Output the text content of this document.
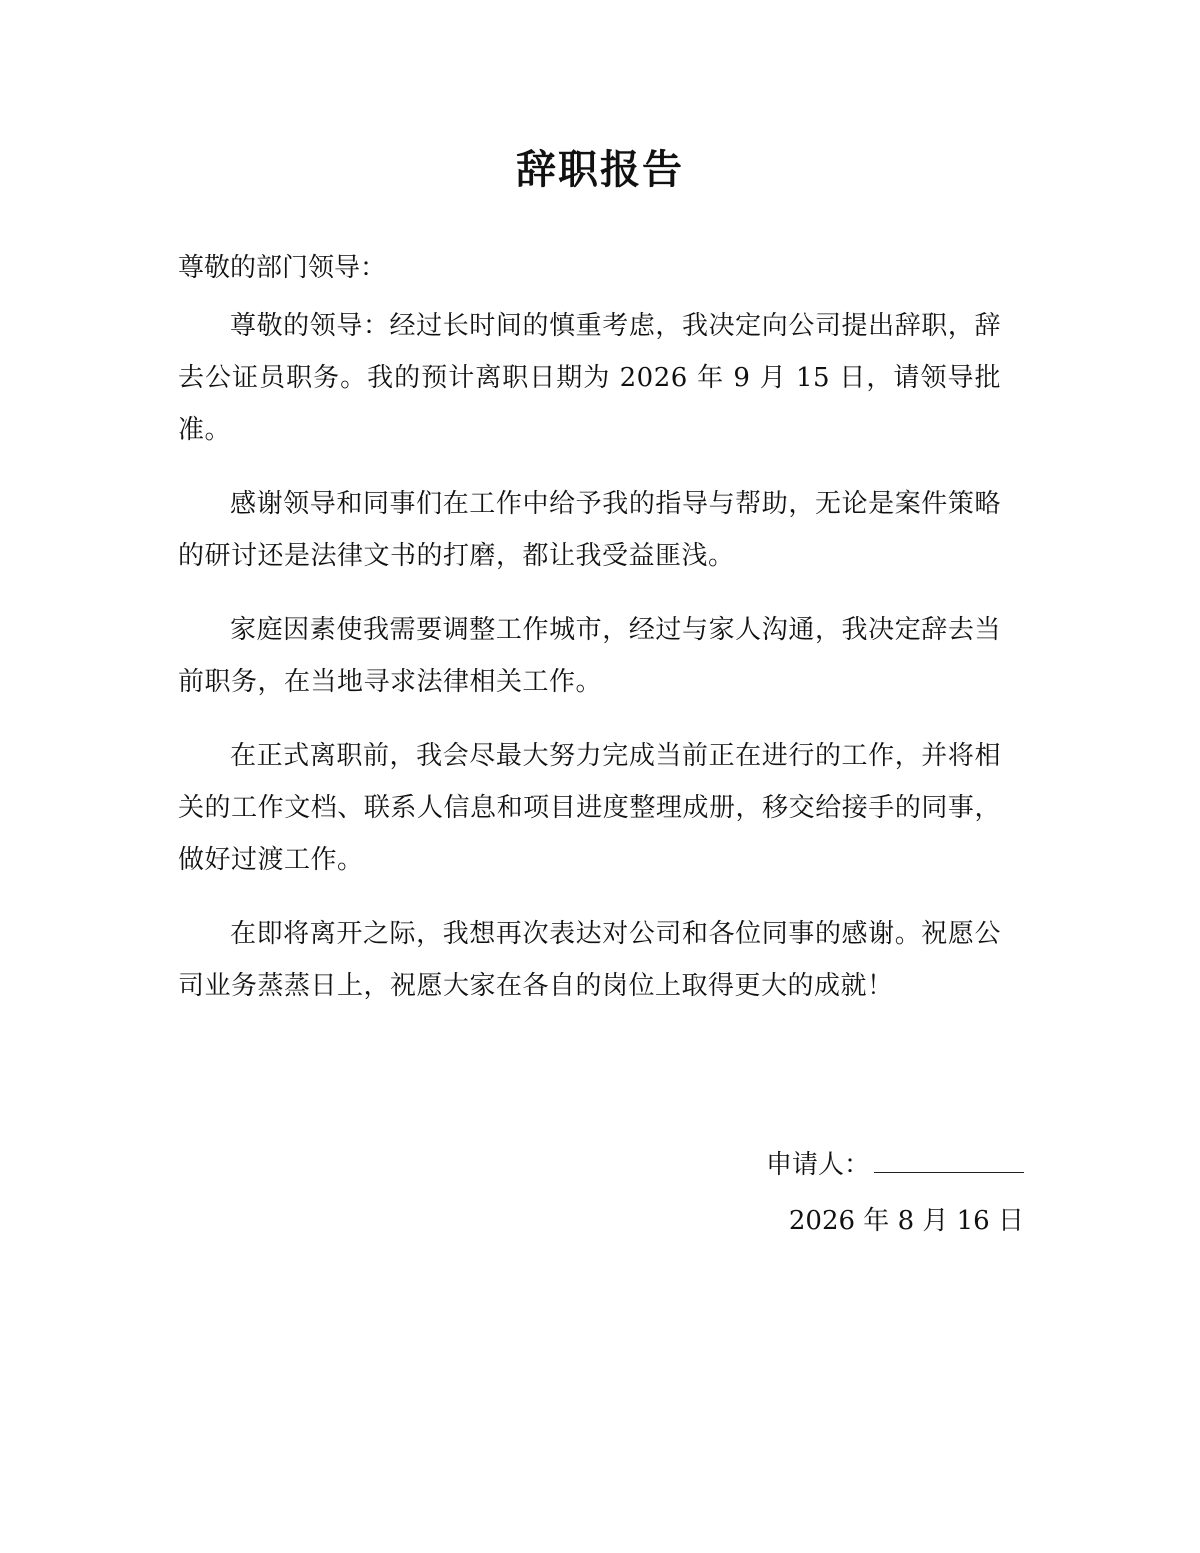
辞职报告
尊敬的部门领导：

尊敬的领导：经过长时间的慎重考虑，我决定向公司提出辞职，辞去公证员职务。我的预计离职日期为 2026 年 9 月 15 日，请领导批准。

感谢领导和同事们在工作中给予我的指导与帮助，无论是案件策略的研讨还是法律文书的打磨，都让我受益匪浅。

家庭因素使我需要调整工作城市，经过与家人沟通，我决定辞去当前职务，在当地寻求法律相关工作。

在正式离职前，我会尽最大努力完成当前正在进行的工作，并将相关的工作文档、联系人信息和项目进度整理成册，移交给接手的同事，做好过渡工作。

在即将离开之际，我想再次表达对公司和各位同事的感谢。祝愿公司业务蒸蒸日上，祝愿大家在各自的岗位上取得更大的成就！

申请人：
2026 年 8 月 16 日
